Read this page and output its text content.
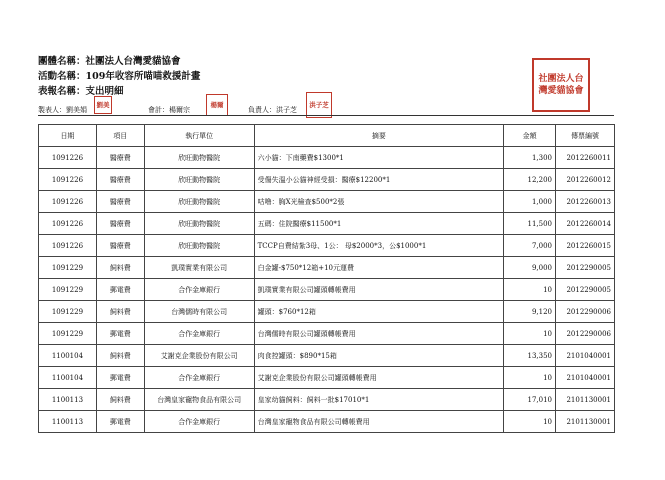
團體名稱：社團法人台灣愛貓協會
活動名稱：109年收容所喵喵救援計畫
表報名稱：支出明細
社團法人台灣愛貓協會
製表人：劉美娟	會計：楊爾宗	負責人：洪子芝
劉美	楊爾	洪子芝
日期	項目	執行單位	摘要	金額	傳票編號
1091226	醫療費	欣旺動物醫院	六小貓：下南藥費$1300*1	1,300	2012260011
1091226	醫療費	欣旺動物醫院	受傷失溫小公貓神經受損：醫療$12200*1	12,200	2012260012
1091226	醫療費	欣旺動物醫院	咕噜：胸X光檢查$500*2張	1,000	2012260013
1091226	醫療費	欣旺動物醫院	五碼：住院醫療$11500*1	11,500	2012260014
1091226	醫療費	欣旺動物醫院	TCCP自費結紮3母、1公： 母$2000*3，公$1000*1	7,000	2012260015
1091229	飼料費	凱璞實業有限公司	白金罐-$750*12箱+10元運費	9,000	2012290005
1091229	郵電費	合作金庫銀行	凱璞實業有限公司罐頭轉帳費用	10	2012290005
1091229	飼料費	台灣儒時有限公司	罐頭：$760*12箱	9,120	2012290006
1091229	郵電費	合作金庫銀行	台灣儒時有限公司罐頭轉帳費用	10	2012290006
1100104	飼料費	艾謝克企業股份有限公司	肉食控罐頭：$890*15箱	13,350	2101040001
1100104	郵電費	合作金庫銀行	艾謝克企業股份有限公司罐頭轉帳費用	10	2101040001
1100113	飼料費	台灣皇家寵物食品有限公司	皇家幼貓飼料：飼料一批$17010*1	17,010	2101130001
1100113	郵電費	合作金庫銀行	台灣皇家寵物食品有限公司轉帳費用	10	2101130001
